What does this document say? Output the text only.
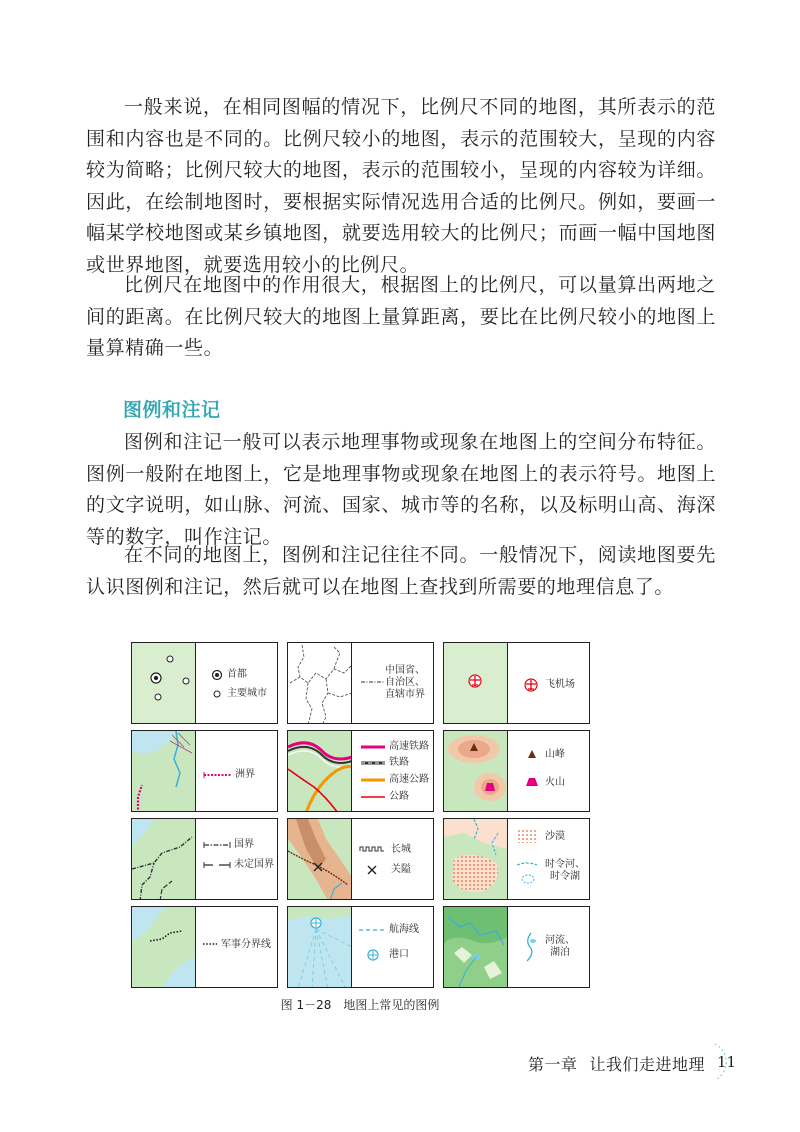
一般来说，在相同图幅的情况下，比例尺不同的地图，其所表示的范围和内容也是不同的。比例尺较小的地图，表示的范围较大，呈现的内容较为简略；比例尺较大的地图，表示的范围较小，呈现的内容较为详细。因此，在绘制地图时，要根据实际情况选用合适的比例尺。例如，要画一幅某学校地图或某乡镇地图，就要选用较大的比例尺；而画一幅中国地图或世界地图，就要选用较小的比例尺。

比例尺在地图中的作用很大，根据图上的比例尺，可以量算出两地之间的距离。在比例尺较大的地图上量算距离，要比在比例尺较小的地图上量算精确一些。

图例和注记

图例和注记一般可以表示地理事物或现象在地图上的空间分布特征。图例一般附在地图上，它是地理事物或现象在地图上的表示符号。地图上的文字说明，如山脉、河流、国家、城市等的名称，以及标明山高、海深等的数字，叫作注记。

在不同的地图上，图例和注记往往不同。一般情况下，阅读地图要先认识图例和注记，然后就可以在地图上查找到所需要的地理信息了。

首都
主要城市
中国省、
自治区、
直辖市界
飞机场
洲界
高速铁路
铁路
高速公路
公路
山峰
火山
国界
未定国界
长城
关隘
沙漠
时令河、
时令湖
军事分界线
航海线
港口
河流、
湖泊
图 1－28 地图上常见的图例
第一章 让我们走进地理 11
